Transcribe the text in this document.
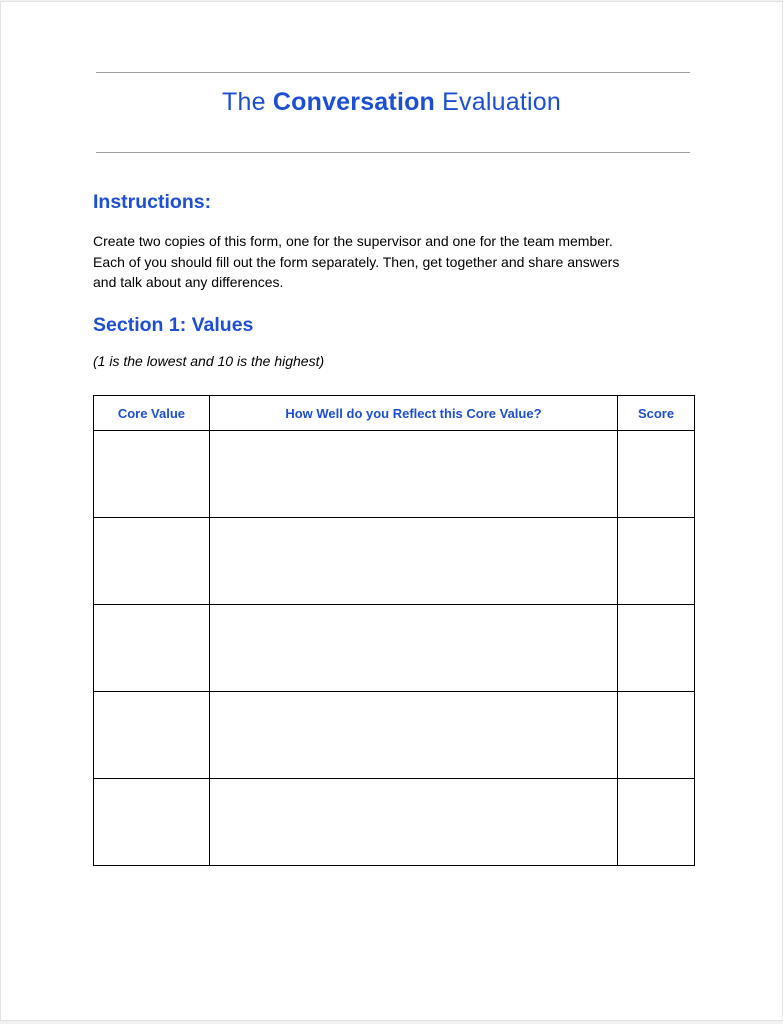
The Conversation Evaluation
Instructions:
Create two copies of this form, one for the supervisor and one for the team member.
Each of you should fill out the form separately. Then, get together and share answers
and talk about any differences.
Section 1: Values
(1 is the lowest and 10 is the highest)
Core Value	How Well do you Reflect this Core Value?	Score
